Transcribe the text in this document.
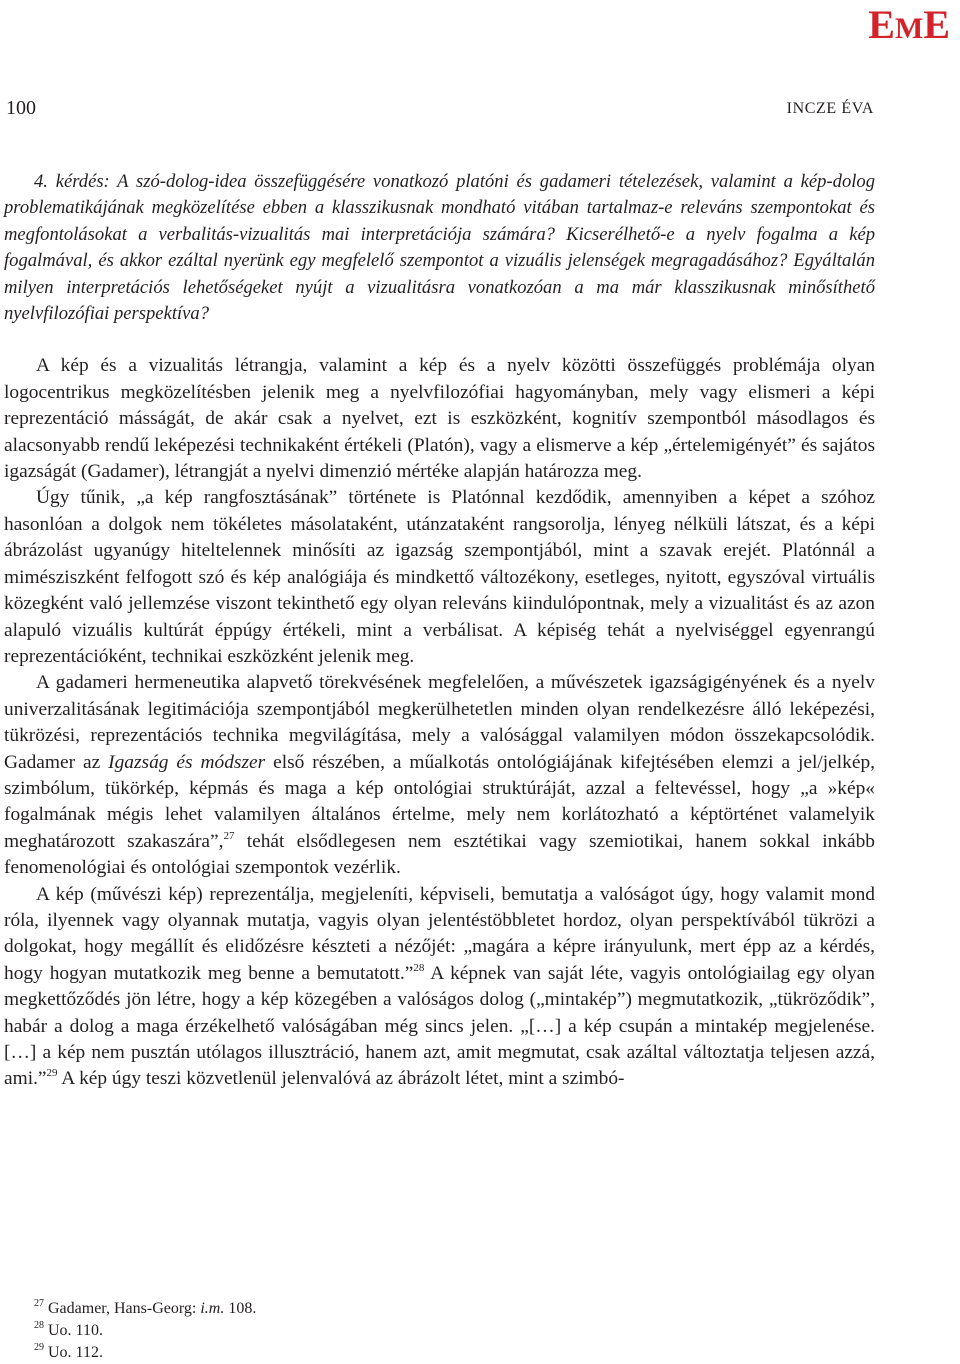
EME
100	INCZE ÉVA

4. kérdés: A szó-dolog-idea összefüggésére vonatkozó platóni és gadameri tételezések, valamint a kép-dolog problematikájának megközelítése ebben a klasszikusnak mondható vitában tartalmaz-e releváns szempontokat és megfontolásokat a verbalitás-vizualitás mai interpretációja számára? Kicserélhető-e a nyelv fogalma a kép fogalmával, és akkor ezáltal nyerünk egy megfelelő szempontot a vizuális jelenségek megragadásához? Egyáltalán milyen interpretációs lehetőségeket nyújt a vizualitásra vonatkozóan a ma már klasszikusnak minősíthető nyelvfilozófiai perspektíva?

A kép és a vizualitás létrangja, valamint a kép és a nyelv közötti összefüggés problémája olyan logocentrikus megközelítésben jelenik meg a nyelvfilozófiai hagyományban, mely vagy elismeri a képi reprezentáció másságát, de akár csak a nyelvet, ezt is eszközként, kognitív szempontból másodlagos és alacsonyabb rendű leképezési technikaként értékeli (Platón), vagy a elismerve a kép „értelemigényét” és sajátos igazságát (Gadamer), létrangját a nyelvi dimenzió mértéke alapján határozza meg.

Úgy tűnik, „a kép rangfosztásának” története is Platónnal kezdődik, amennyiben a képet a szóhoz hasonlóan a dolgok nem tökéletes másolataként, utánzataként rangsorolja, lényeg nélküli látszat, és a képi ábrázolást ugyanúgy hiteltelennek minősíti az igazság szempontjából, mint a szavak erejét. Platónnál a mimésziszként felfogott szó és kép analógiája és mindkettő változékony, esetleges, nyitott, egyszóval virtuális közegként való jellemzése viszont tekinthető egy olyan releváns kiindulópontnak, mely a vizualitást és az azon alapuló vizuális kultúrát éppúgy értékeli, mint a verbálisat. A képiség tehát a nyelviséggel egyenrangú reprezentációként, technikai eszközként jelenik meg.

A gadameri hermeneutika alapvető törekvésének megfelelően, a művészetek igazságigényének és a nyelv univerzalitásának legitimációja szempontjából megkerülhetetlen minden olyan rendelkezésre álló leképezési, tükrözési, reprezentációs technika megvilágítása, mely a valósággal valamilyen módon összekapcsolódik. Gadamer az Igazság és módszer első részében, a műalkotás ontológiájának kifejtésében elemzi a jel/jelkép, szimbólum, tükörkép, képmás és maga a kép ontológiai struktúráját, azzal a feltevéssel, hogy „a »kép« fogalmának mégis lehet valamilyen általános értelme, mely nem korlátozható a képtörténet valamelyik meghatározott szakaszára”,$^{27}$ tehát elsődlegesen nem esztétikai vagy szemiotikai, hanem sokkal inkább fenomenológiai és ontológiai szempontok vezérlik.

A kép (művészi kép) reprezentálja, megjeleníti, képviseli, bemutatja a valóságot úgy, hogy valamit mond róla, ilyennek vagy olyannak mutatja, vagyis olyan jelentéstöbbletet hordoz, olyan perspektívából tükrözi a dolgokat, hogy megállít és elidőzésre készteti a nézőjét: „magára a képre irányulunk, mert épp az a kérdés, hogy hogyan mutatkozik meg benne a bemutatott.”$^{28}$ A képnek van saját léte, vagyis ontológiailag egy olyan megkettőződés jön létre, hogy a kép közegében a valóságos dolog („mintakép”) megmutatkozik, „tükröződik”, habár a dolog a maga érzékelhető valóságában még sincs jelen. „[…] a kép csupán a mintakép megjelenése. […] a kép nem pusztán utólagos illusztráció, hanem azt, amit megmutat, csak azáltal változtatja teljesen azzá, ami.”$^{29}$ A kép úgy teszi közvetlenül jelenvalóvá az ábrázolt létet, mint a szimbó-

$^{27}$ Gadamer, Hans-Georg: i.m. 108.

$^{28}$ Uo. 110.

$^{29}$ Uo. 112.
